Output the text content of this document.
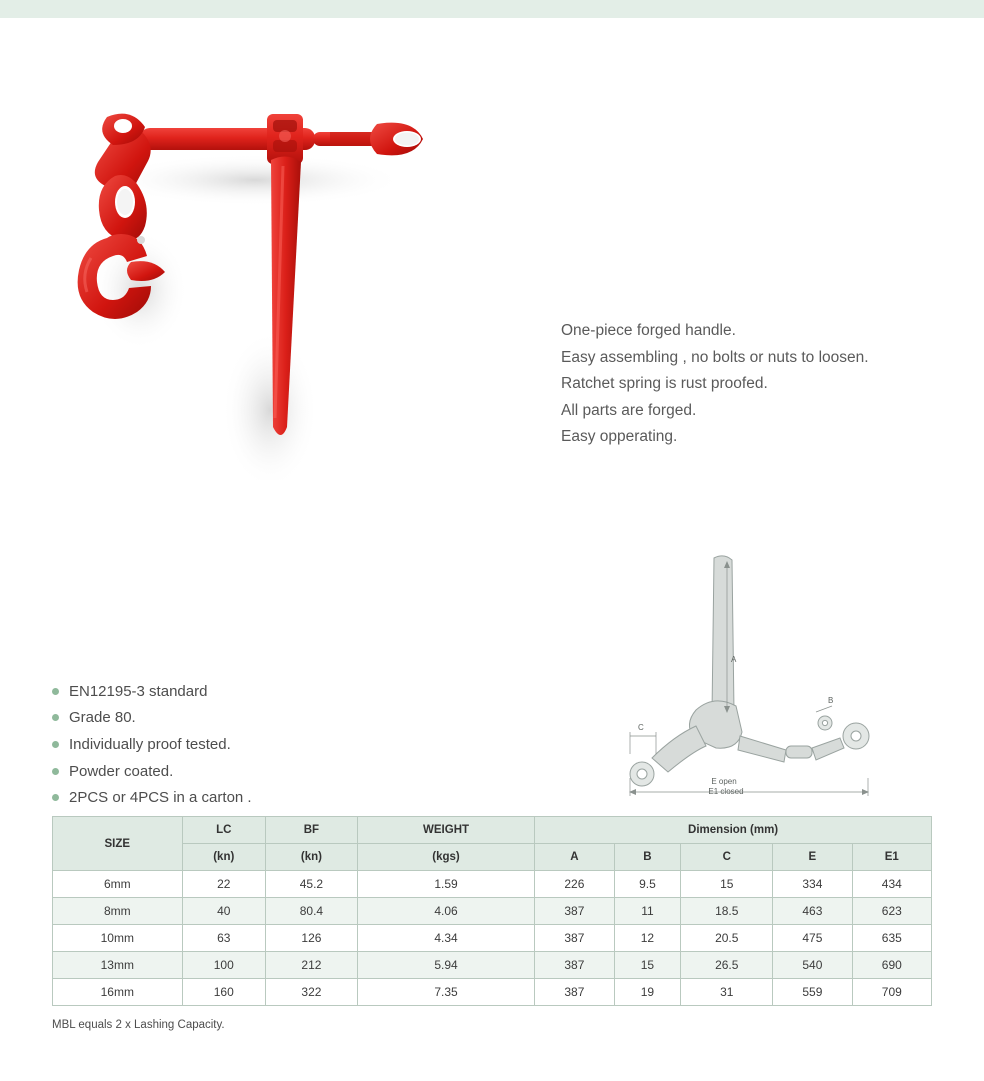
One-piece forged handle.
Easy assembling , no bolts or nuts to loosen.
Ratchet spring is rust proofed.
All parts are forged.
Easy opperating.
EN12195-3 standard
Grade 80.
Individually proof tested.
Powder coated.
2PCS or 4PCS in a carton .
A
B
C
E open
E1 closed
SIZE	LC	BF	WEIGHT	Dimension (mm)				
	(kn)	(kn)	(kgs)	A	B	C	E	E1
6mm	22	45.2	1.59	226	9.5	15	334	434
8mm	40	80.4	4.06	387	11	18.5	463	623
10mm	63	126	4.34	387	12	20.5	475	635
13mm	100	212	5.94	387	15	26.5	540	690
16mm	160	322	7.35	387	19	31	559	709
MBL equals 2 x Lashing Capacity.
